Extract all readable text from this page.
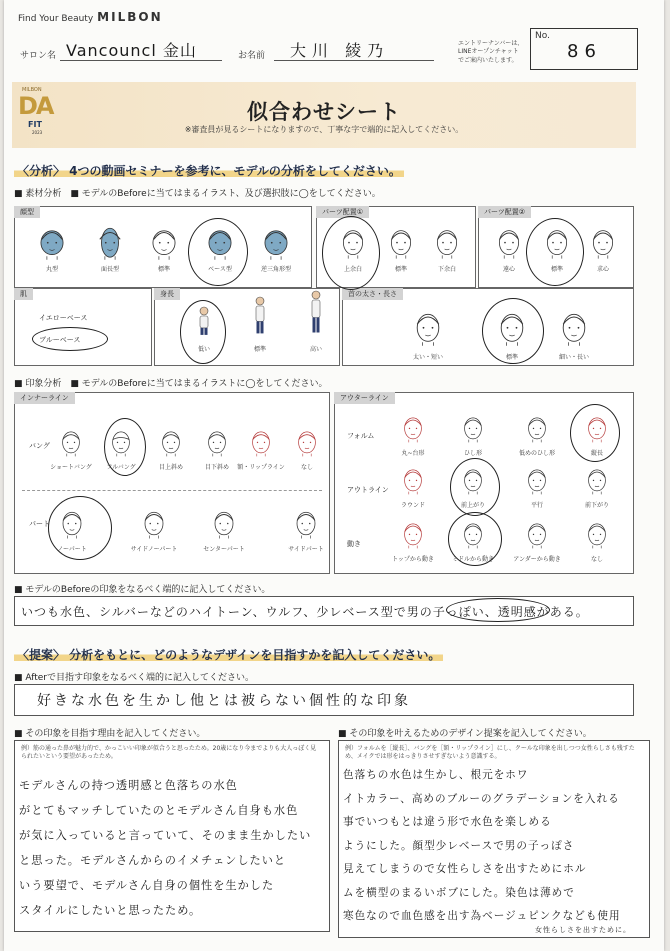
Find Your Beauty MILBON
サロン名 Vancouncl 金山	お名前 大川 綾乃	エントリーナンバーは、LINEオープンチャットでご案内いたします。
No.
86
MILBON
DA
FIT
2023
似合わせシート
※審査員が見るシートになりますので、丁寧な字で端的に記入してください。
〈分析〉 4つの動画セミナーを参考に、モデルの分析をしてください。
■ 素材分析　■ モデルのBeforeに当てはまるイラスト、及び選択肢に◯をしてください。
顔型	パーツ配置①	パーツ配置②
肌
イエローベース
ブルーベース
身長	首の太さ・長さ
■ 印象分析　■ モデルのBeforeに当てはまるイラストに◯をしてください。
インナーライン
バング
パート
アウターライン
フォルム
アウトライン
動き
■ モデルのBeforeの印象をなるべく端的に記入してください。
いつも水色、シルバーなどのハイトーン、ウルフ、少レベース型で男の子っぽい、透明感がある。
〈提案〉 分析をもとに、どのようなデザインを目指すかを記入してください。
■ Afterで目指す印象をなるべく端的に記入してください。
好きな水色を生かし他とは被らない個性的な印象
■ その印象を目指す理由を記入してください。
例）筋の通った鼻が魅力的で、かっこいい印象が似合うと思ったため。20歳になり今までよりも大人っぽく見られたいという要望があったため。
モデルさんの持つ透明感と色落ちの水色
がとてもマッチしていたのとモデルさん自身も水色
が気に入っていると言っていて、そのまま生かしたい
と思った。モデルさんからのイメチェンしたいと
いう要望で、モデルさん自身の個性を生かした
スタイルにしたいと思ったため。
■ その印象を叶えるためのデザイン提案を記入してください。
例）フォルムを［縦長］、バングを［額・リップライン］にし、クールな印象を出しつつ女性らしさも残すため、メイクでは形をはっきりさせすぎないよう意識する。
女性らしさを出すために。
色落ちの水色は生かし、根元をホワ
イトカラー、高めのブルーのグラデーションを入れる
事でいつもとは違う形で水色を楽しめる
ようにした。顔型少レベースで男の子っぽさ
見えてしまうので女性らしさを出すためにホル
ムを横型のまるいボブにした。染色は薄めで
寒色なので血色感を出す為ベージュピンクなども使用
丸型	面長型	標準	ベース型	逆三角形型	上余白	標準	下余白	遠心	標準	求心
低い	標準	高い
太い・短い	標準	細い・長い
ショートバング	フルバング	目上斜め	目下斜め	額・リップライン	なし
ノーパート	サイドノーパート	センターパート	サイドパート
丸~台形	ひし形	低めのひし形	縦長
ラウンド	前上がり	平行	前下がり
トップから動き	ミドルから動き	アンダーから動き	なし
